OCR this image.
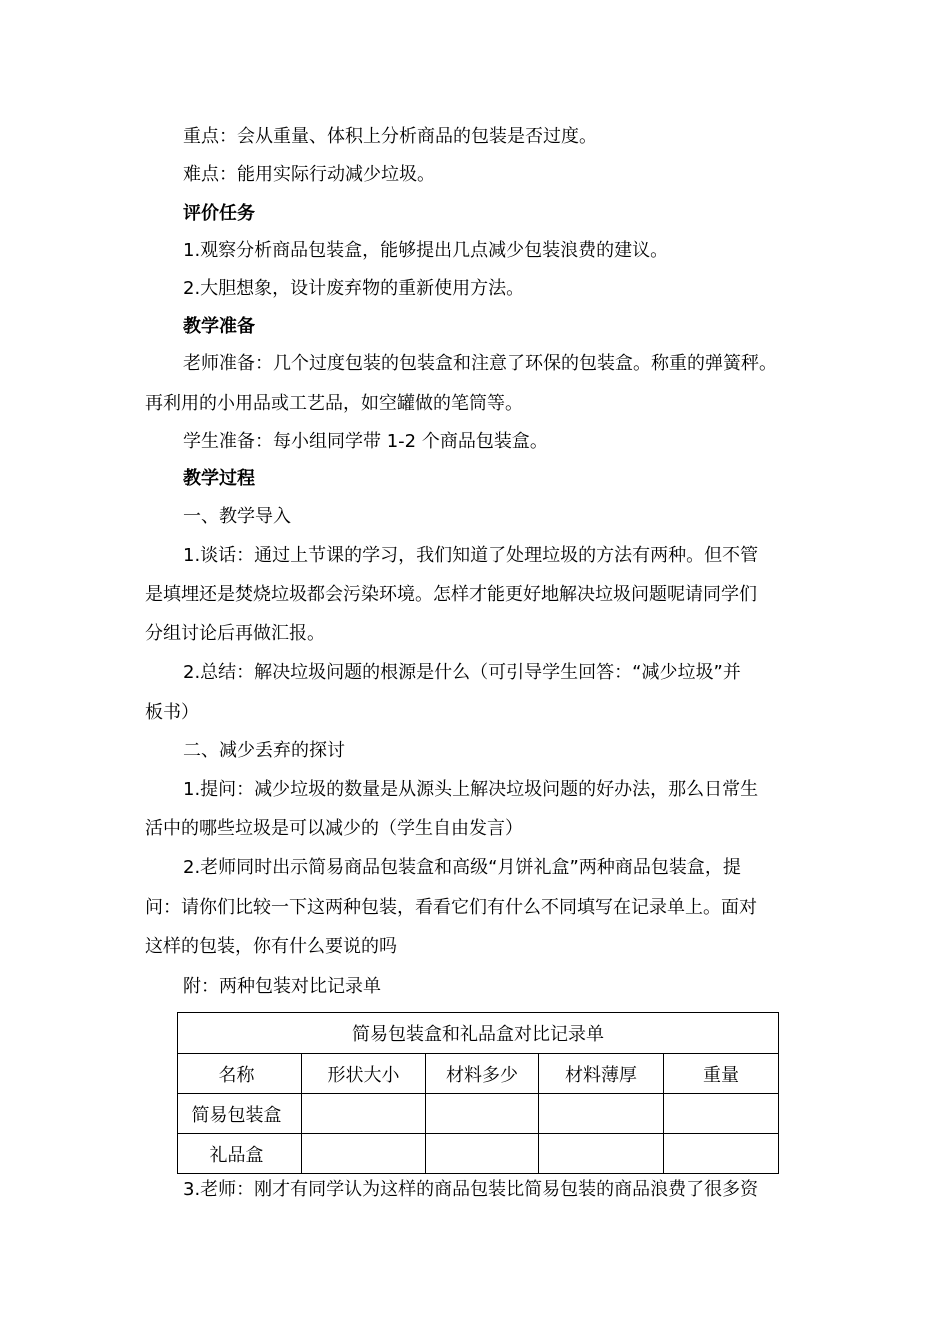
重点：会从重量、体积上分析商品的包装是否过度。
难点：能用实际行动减少垃圾。
评价任务
1.观察分析商品包装盒，能够提出几点减少包装浪费的建议。
2.大胆想象，设计废弃物的重新使用方法。
教学准备
老师准备：几个过度包装的包装盒和注意了环保的包装盒。称重的弹簧秤。
再利用的小用品或工艺品，如空罐做的笔筒等。
学生准备：每小组同学带 1-2 个商品包装盒。
教学过程
一、教学导入
1.谈话：通过上节课的学习，我们知道了处理垃圾的方法有两种。但不管
是填埋还是焚烧垃圾都会污染环境。怎样才能更好地解决垃圾问题呢请同学们
分组讨论后再做汇报。
2.总结：解决垃圾问题的根源是什么（可引导学生回答：“减少垃圾”并
板书）
二、减少丢弃的探讨
1.提问：减少垃圾的数量是从源头上解决垃圾问题的好办法，那么日常生
活中的哪些垃圾是可以减少的（学生自由发言）
2.老师同时出示简易商品包装盒和高级“月饼礼盒”两种商品包装盒，提
问：请你们比较一下这两种包装，看看它们有什么不同填写在记录单上。面对
这样的包装，你有什么要说的吗
附：两种包装对比记录单
简易包装盒和礼品盒对比记录单				
名称	形状大小	材料多少	材料薄厚	重量
简易包装盒				
礼品盒				
3.老师：刚才有同学认为这样的商品包装比简易包装的商品浪费了很多资
